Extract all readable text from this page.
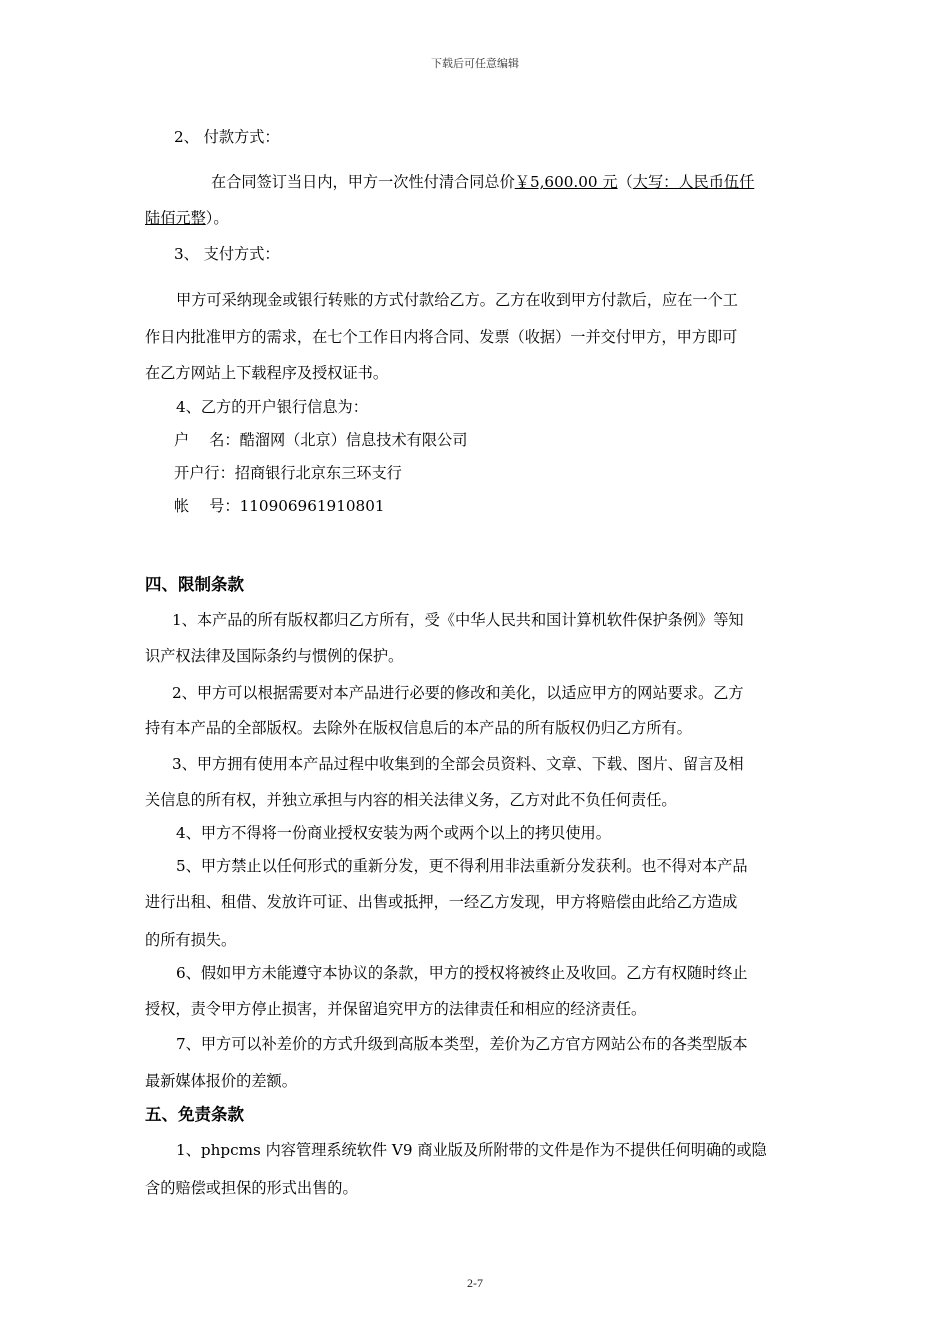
下载后可任意编辑
2、 付款方式：
在合同签订当日内，甲方一次性付清合同总价￥5,600.00 元（大写：人民币伍仟
陆佰元整）。
3、 支付方式：
甲方可采纳现金或银行转账的方式付款给乙方。乙方在收到甲方付款后，应在一个工
作日内批准甲方的需求，在七个工作日内将合同、发票（收据）一并交付甲方，甲方即可
在乙方网站上下载程序及授权证书。
4、乙方的开户银行信息为：
户　 名：酷溜网（北京）信息技术有限公司
开户行：招商银行北京东三环支行
帐　 号：110906961910801
四、限制条款
1、本产品的所有版权都归乙方所有，受《中华人民共和国计算机软件保护条例》等知
识产权法律及国际条约与惯例的保护。
2、甲方可以根据需要对本产品进行必要的修改和美化，以适应甲方的网站要求。乙方
持有本产品的全部版权。去除外在版权信息后的本产品的所有版权仍归乙方所有。
3、甲方拥有使用本产品过程中收集到的全部会员资料、文章、下载、图片、留言及相
关信息的所有权，并独立承担与内容的相关法律义务，乙方对此不负任何责任。
4、甲方不得将一份商业授权安装为两个或两个以上的拷贝使用。
5、甲方禁止以任何形式的重新分发，更不得利用非法重新分发获利。也不得对本产品
进行出租、租借、发放许可证、出售或抵押，一经乙方发现，甲方将赔偿由此给乙方造成
的所有损失。
6、假如甲方未能遵守本协议的条款，甲方的授权将被终止及收回。乙方有权随时终止
授权，责令甲方停止损害，并保留追究甲方的法律责任和相应的经济责任。
7、甲方可以补差价的方式升级到高版本类型，差价为乙方官方网站公布的各类型版本
最新媒体报价的差额。
五、免责条款
1、phpcms 内容管理系统软件 V9 商业版及所附带的文件是作为不提供任何明确的或隐
含的赔偿或担保的形式出售的。
2-7
